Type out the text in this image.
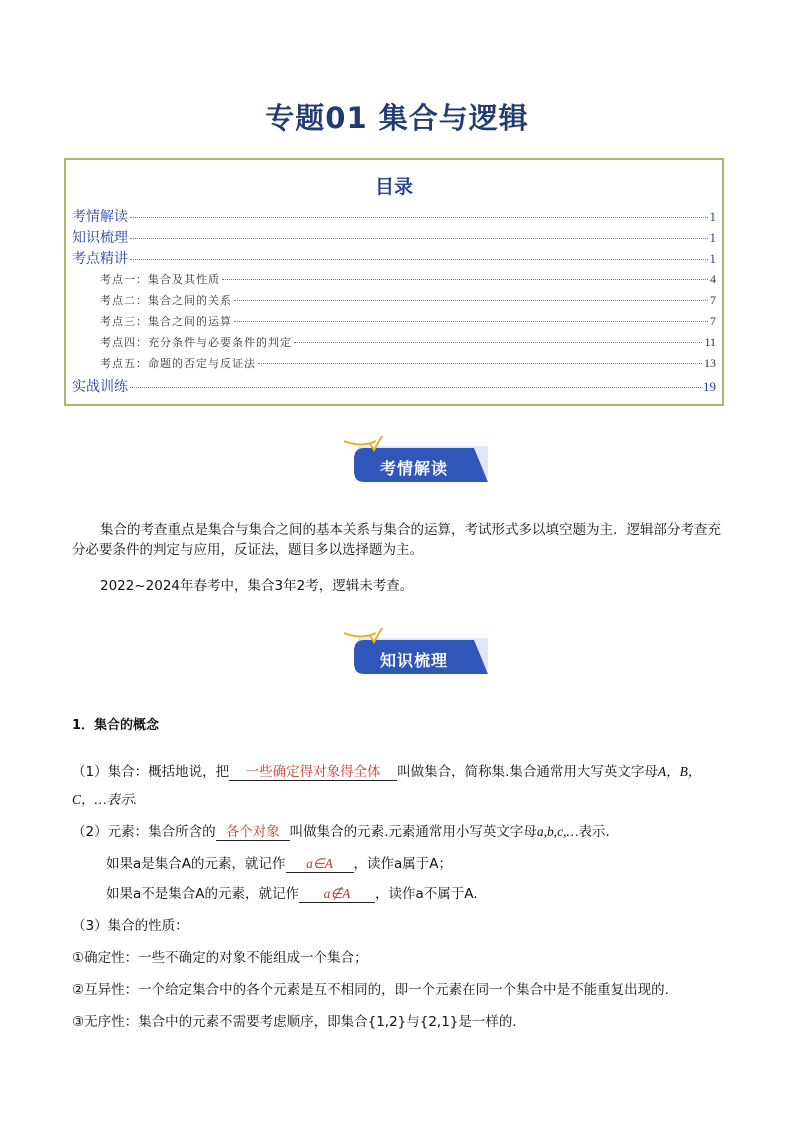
专题01 集合与逻辑
目录
考情解读	1
知识梳理	1
考点精讲	1
考点一：集合及其性质	4
考点二：集合之间的关系	7
考点三：集合之间的运算	7
考点四：充分条件与必要条件的判定	11
考点五：命题的否定与反证法	13
实战训练	19
考情解读
集合的考查重点是集合与集合之间的基本关系与集合的运算，考试形式多以填空题为主．逻辑部分考查充分必要条件的判定与应用，反证法，题目多以选择题为主。
2022~2024年春考中，集合3年2考，逻辑未考查。
知识梳理
1．集合的概念
（1）集合：概括地说，把 一些确定得对象得全体 叫做集合，简称集.集合通常用大写英文字母A，B，
C，…表示.
（2）元素：集合所含的 各个对象 叫做集合的元素.元素通常用小写英文字母a,b,c,…表示.
如果a是集合A的元素，就记作 a∈A ，读作a属于A；
如果a不是集合A的元素，就记作 a∉A ，读作a不属于A.
（3）集合的性质：
①确定性：一些不确定的对象不能组成一个集合；
②互异性：一个给定集合中的各个元素是互不相同的，即一个元素在同一个集合中是不能重复出现的.
③无序性：集合中的元素不需要考虑顺序，即集合{1,2}与{2,1}是一样的．
